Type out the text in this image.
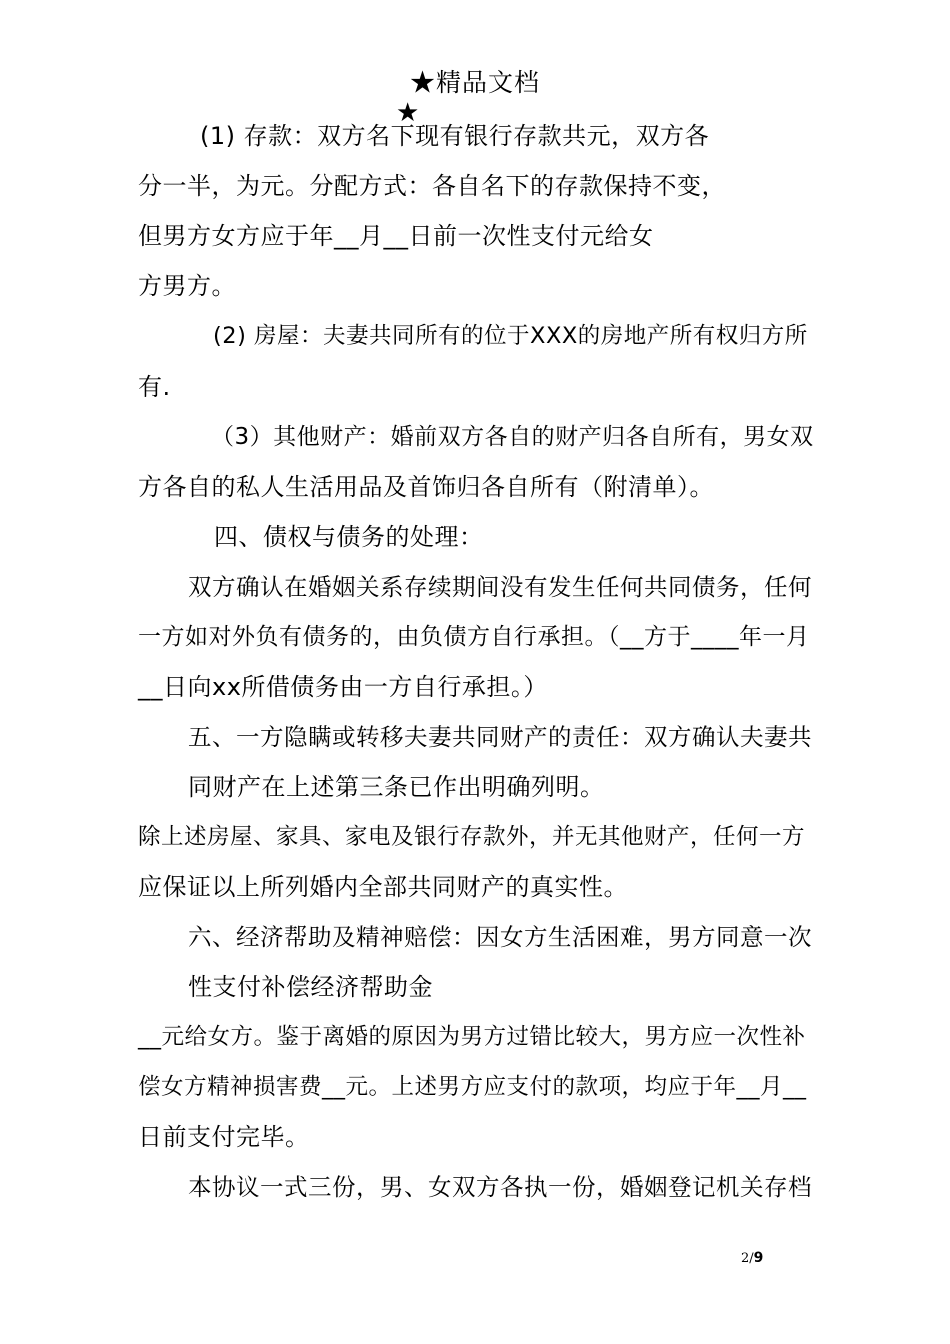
★精品文档
★
(1) 存款：双方名下现有银行存款共元，双方各
分一半，为元。分配方式：各自名下的存款保持不变，
但男方女方应于年__月__日前一次性支付元给女
方男方。
(2) 房屋：夫妻共同所有的位于XXX的房地产所有权归方所
有.
（3）其他财产：婚前双方各自的财产归各自所有，男女双
方各自的私人生活用品及首饰归各自所有（附清单）。
四、债权与债务的处理：
双方确认在婚姻关系存续期间没有发生任何共同债务，任何
一方如对外负有债务的，由负债方自行承担。（__方于____年一月
__日向xx所借债务由一方自行承担。）
五、一方隐瞒或转移夫妻共同财产的责任：双方确认夫妻共
同财产在上述第三条已作出明确列明。
除上述房屋、家具、家电及银行存款外，并无其他财产，任何一方
应保证以上所列婚内全部共同财产的真实性。
六、经济帮助及精神赔偿：因女方生活困难，男方同意一次
性支付补偿经济帮助金
__元给女方。鉴于离婚的原因为男方过错比较大，男方应一次性补
偿女方精神损害费__元。上述男方应支付的款项，均应于年__月__
日前支付完毕。
本协议一式三份，男、女双方各执一份，婚姻登记机关存档
2/9
